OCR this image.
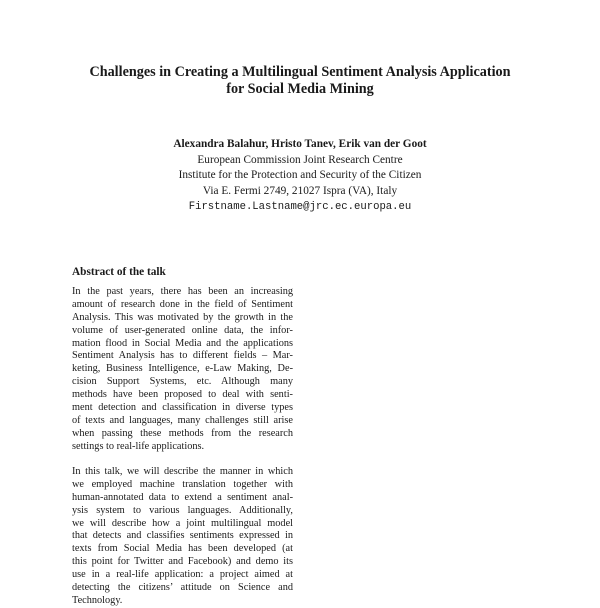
Challenges in Creating a Multilingual Sentiment Analysis Application
for Social Media Mining
Alexandra Balahur, Hristo Tanev, Erik van der Goot
European Commission Joint Research Centre
Institute for the Protection and Security of the Citizen
Via E. Fermi 2749, 21027 Ispra (VA), Italy
Firstname.Lastname@jrc.ec.europa.eu
Abstract of the talk
In the past years, there has been an increasing
amount of research done in the field of Sentiment
Analysis. This was motivated by the growth in the
volume of user-generated online data, the infor-
mation flood in Social Media and the applications
Sentiment Analysis has to different fields – Mar-
keting, Business Intelligence, e-Law Making, De-
cision Support Systems, etc. Although many
methods have been proposed to deal with senti-
ment detection and classification in diverse types
of texts and languages, many challenges still arise
when passing these methods from the research
settings to real-life applications.
In this talk, we will describe the manner in which
we employed machine translation together with
human-annotated data to extend a sentiment anal-
ysis system to various languages. Additionally,
we will describe how a joint multilingual model
that detects and classifies sentiments expressed in
texts from Social Media has been developed (at
this point for Twitter and Facebook) and demo its
use in a real-life application: a project aimed at
detecting the citizens’ attitude on Science and
Technology.
